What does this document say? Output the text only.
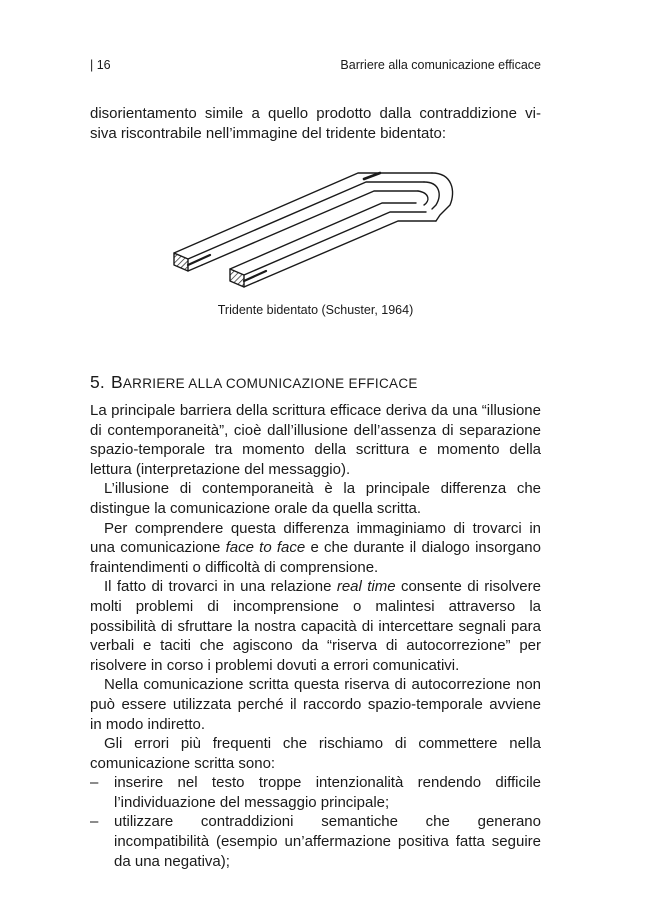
| 16	Barriere alla comunicazione efficace
disorientamento simile a quello prodotto dalla contraddizione vi-
siva riscontrabile nell’immagine del tridente bidentato:
Tridente bidentato (Schuster, 1964)
5. BARRIERE ALLA COMUNICAZIONE EFFICACE

La principale barriera della scrittura efficace deriva da una “illusione di contemporaneità”, cioè dall’illusione dell’assenza di separazione spazio-temporale tra momento della scrittura e momento della lettura (interpretazione del messaggio).

L’illusione di contemporaneità è la principale differenza che distingue la comunicazione orale da quella scritta.

Per comprendere questa differenza immaginiamo di trovarci in una comunicazione face to face e che durante il dialogo insorgano fraintendimenti o difficoltà di comprensione.

Il fatto di trovarci in una relazione real time consente di risolvere molti problemi di incomprensione o malintesi attraverso la possibilità di sfruttare la nostra capacità di intercettare segnali para verbali e taciti che agiscono da “riserva di autocorrezione” per risolvere in corso i problemi dovuti a errori comunicativi.

Nella comunicazione scritta questa riserva di autocorrezione non può essere utilizzata perché il raccordo spazio-temporale avviene in modo indiretto.

Gli errori più frequenti che rischiamo di commettere nella comunicazione scritta sono:

– inserire nel testo troppe intenzionalità rendendo difficile l’individuazione del messaggio principale;
– utilizzare contraddizioni semantiche che generano incompatibilità (esempio un’affermazione positiva fatta seguire da una negativa);
